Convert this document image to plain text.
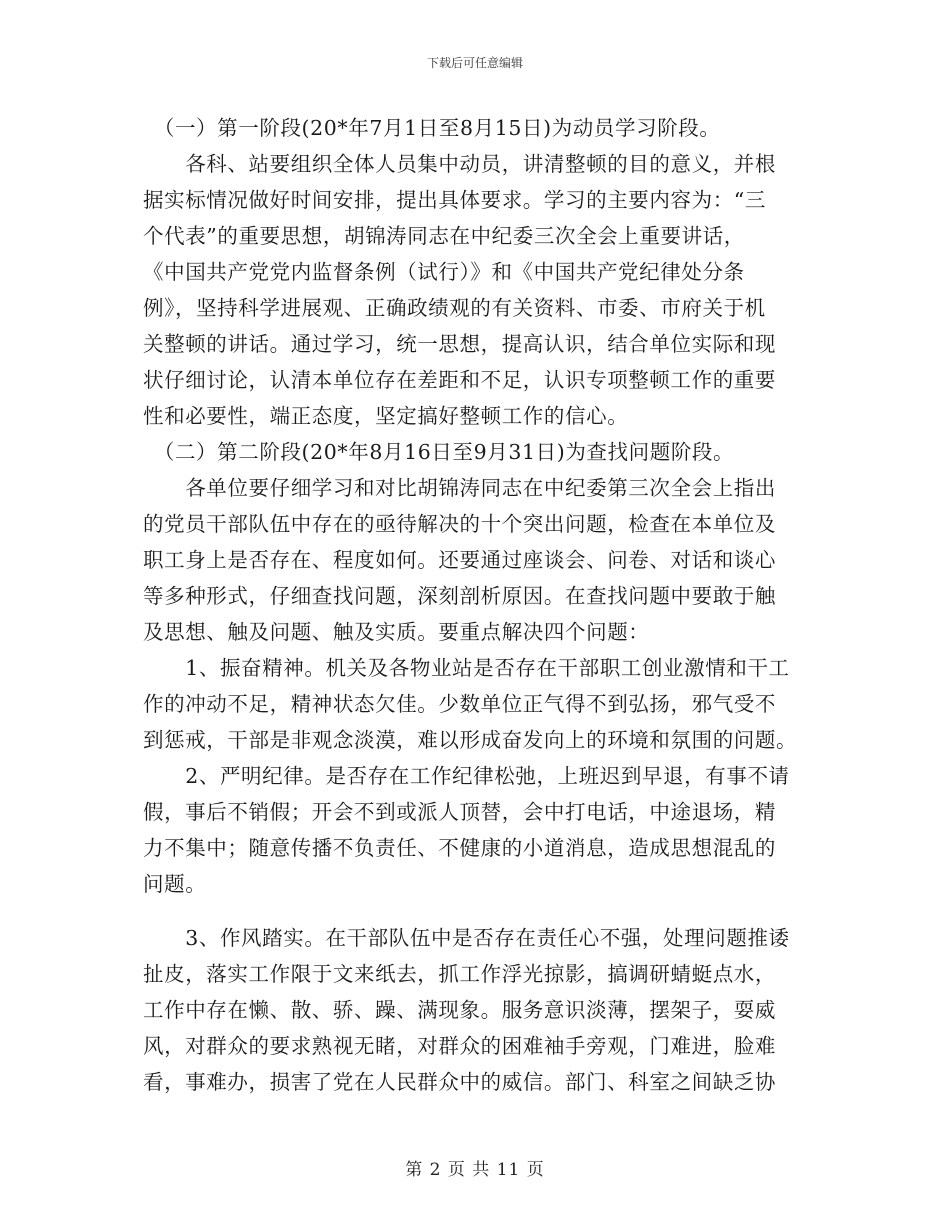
下载后可任意编辑
　（一）第一阶段(20*年7月1日至8月15日)为动员学习阶段。
　　各科、站要组织全体人员集中动员，讲清整顿的目的意义，并根
据实标情况做好时间安排，提出具体要求。学习的主要内容为：“三
个代表”的重要思想，胡锦涛同志在中纪委三次全会上重要讲话，
《中国共产党党内监督条例（试行）》和《中国共产党纪律处分条
例》，坚持科学进展观、正确政绩观的有关资料、市委、市府关于机
关整顿的讲话。通过学习，统一思想，提高认识，结合单位实际和现
状仔细讨论，认清本单位存在差距和不足，认识专项整顿工作的重要
性和必要性，端正态度，坚定搞好整顿工作的信心。
　（二）第二阶段(20*年8月16日至9月31日)为查找问题阶段。
　　各单位要仔细学习和对比胡锦涛同志在中纪委第三次全会上指出
的党员干部队伍中存在的亟待解决的十个突出问题，检查在本单位及
职工身上是否存在、程度如何。还要通过座谈会、问卷、对话和谈心
等多种形式，仔细查找问题，深刻剖析原因。在查找问题中要敢于触
及思想、触及问题、触及实质。要重点解决四个问题：
　　1、振奋精神。机关及各物业站是否存在干部职工创业激情和干工
作的冲动不足，精神状态欠佳。少数单位正气得不到弘扬，邪气受不
到惩戒，干部是非观念淡漠，难以形成奋发向上的环境和氛围的问题。
　　2、严明纪律。是否存在工作纪律松弛，上班迟到早退，有事不请
假，事后不销假；开会不到或派人顶替，会中打电话，中途退场，精
力不集中；随意传播不负责任、不健康的小道消息，造成思想混乱的
问题。
　　3、作风踏实。在干部队伍中是否存在责任心不强，处理问题推诿
扯皮，落实工作限于文来纸去，抓工作浮光掠影，搞调研蜻蜓点水，
工作中存在懒、散、骄、躁、满现象。服务意识淡薄，摆架子，耍威
风，对群众的要求熟视无睹，对群众的困难袖手旁观，门难进，脸难
看，事难办，损害了党在人民群众中的威信。部门、科室之间缺乏协
第 2 页 共 11 页
